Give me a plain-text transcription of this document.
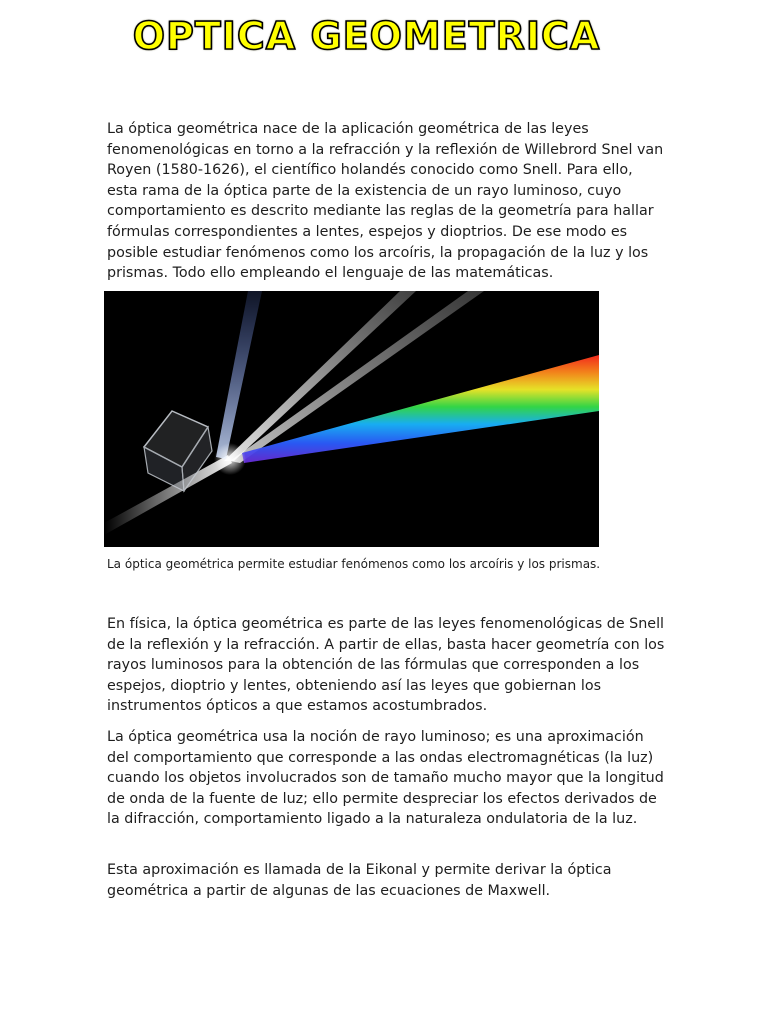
OPTICA GEOMETRICA

La óptica geométrica nace de la aplicación geométrica de las leyes fenomenológicas en torno a la refracción y la reflexión de Willebrord Snel van Royen (1580-1626), el científico holandés conocido como Snell. Para ello, esta rama de la óptica parte de la existencia de un rayo luminoso, cuyo comportamiento es descrito mediante las reglas de la geometría para hallar fórmulas correspondientes a lentes, espejos y dioptrios. De ese modo es posible estudiar fenómenos como los arcoíris, la propagación de la luz y los prismas. Todo ello empleando el lenguaje de las matemáticas.

La óptica geométrica permite estudiar fenómenos como los arcoíris y los prismas.

En física, la óptica geométrica es parte de las leyes fenomenológicas de Snell de la reflexión y la refracción. A partir de ellas, basta hacer geometría con los rayos luminosos para la obtención de las fórmulas que corresponden a los espejos, dioptrio y lentes, obteniendo así las leyes que gobiernan los instrumentos ópticos a que estamos acostumbrados.

La óptica geométrica usa la noción de rayo luminoso; es una aproximación del comportamiento que corresponde a las ondas electromagnéticas (la luz) cuando los objetos involucrados son de tamaño mucho mayor que la longitud de onda de la fuente de luz; ello permite despreciar los efectos derivados de la difracción, comportamiento ligado a la naturaleza ondulatoria de la luz.

Esta aproximación es llamada de la Eikonal y permite derivar la óptica geométrica a partir de algunas de las ecuaciones de Maxwell.
